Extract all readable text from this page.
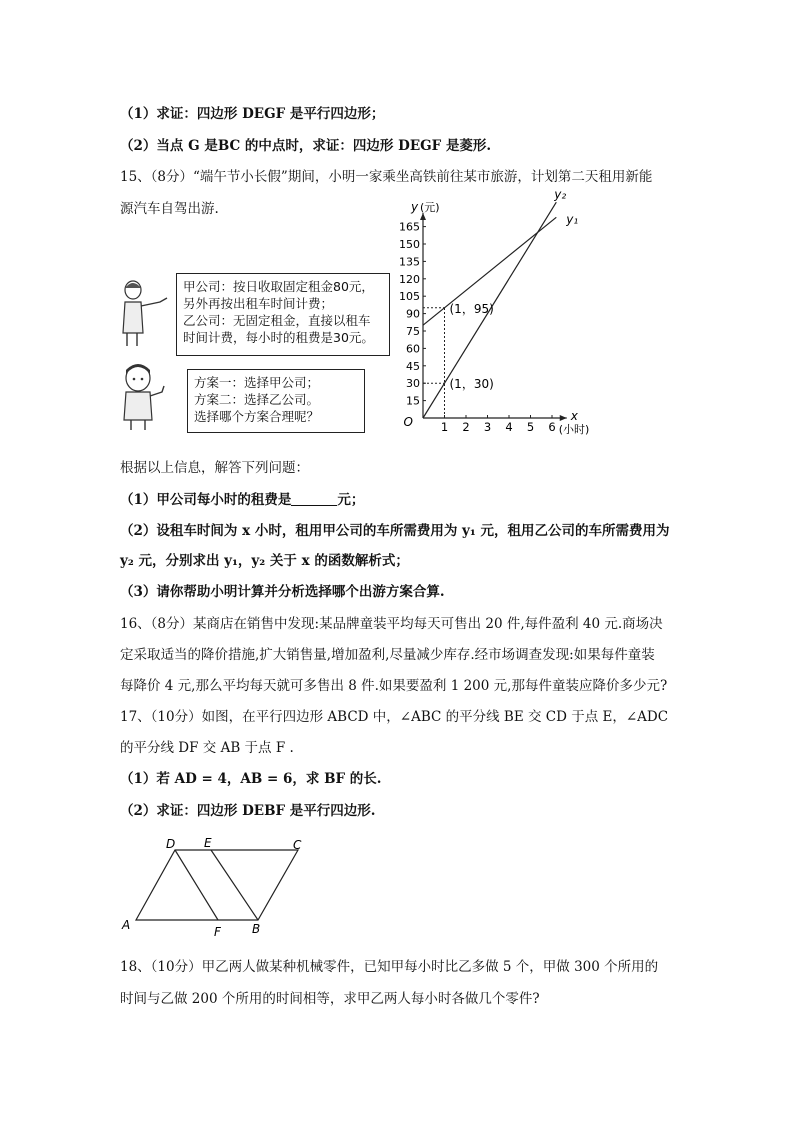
（1）求证：四边形 DEGF 是平行四边形；
（2）当点 G 是BC 的中点时，求证：四边形 DEGF 是菱形.
15、（8分）“端午节小长假”期间，小明一家乘坐高铁前往某市旅游，计划第二天租用新能
源汽车自驾出游.
甲公司：按日收取固定租金80元，
另外再按出租车时间计费；
乙公司：无固定租金，直接以租车
时间计费，每小时的租费是30元。
方案一：选择甲公司；
方案二：选择乙公司。
选择哪个方案合理呢？	O	x
(小时)
y (元)
1 2 3 4 5 6
15
30
45
60
75
90
105
120
135
150
165
y₁
y₂
(1，95)
(1，30)
根据以上信息，解答下列问题：
（1）甲公司每小时的租费是	元；
（2）设租车时间为 x 小时，租用甲公司的车所需费用为 y₁ 元，租用乙公司的车所需费用为
y₂ 元，分别求出 y₁，y₂ 关于 x 的函数解析式；
（3）请你帮助小明计算并分析选择哪个出游方案合算.
16、（8分）某商店在销售中发现:某品牌童装平均每天可售出 20 件,每件盈利 40 元.商场决
定采取适当的降价措施,扩大销售量,增加盈利,尽量减少库存.经市场调查发现:如果每件童装
每降价 4 元,那么平均每天就可多售出 8 件.如果要盈利 1 200 元,那每件童装应降价多少元?
17、（10分）如图，在平行四边形 ABCD 中，∠ABC 的平分线 BE 交 CD 于点 E，∠ADC
的平分线 DF 交 AB 于点 F .
（1）若 AD = 4，AB = 6，求 BF 的长.
（2）求证：四边形 DEBF 是平行四边形.
D E	C
A	B
F
18、（10分）甲乙两人做某种机械零件，已知甲每小时比乙多做 5 个，甲做 300 个所用的
时间与乙做 200 个所用的时间相等，求甲乙两人每小时各做几个零件?
